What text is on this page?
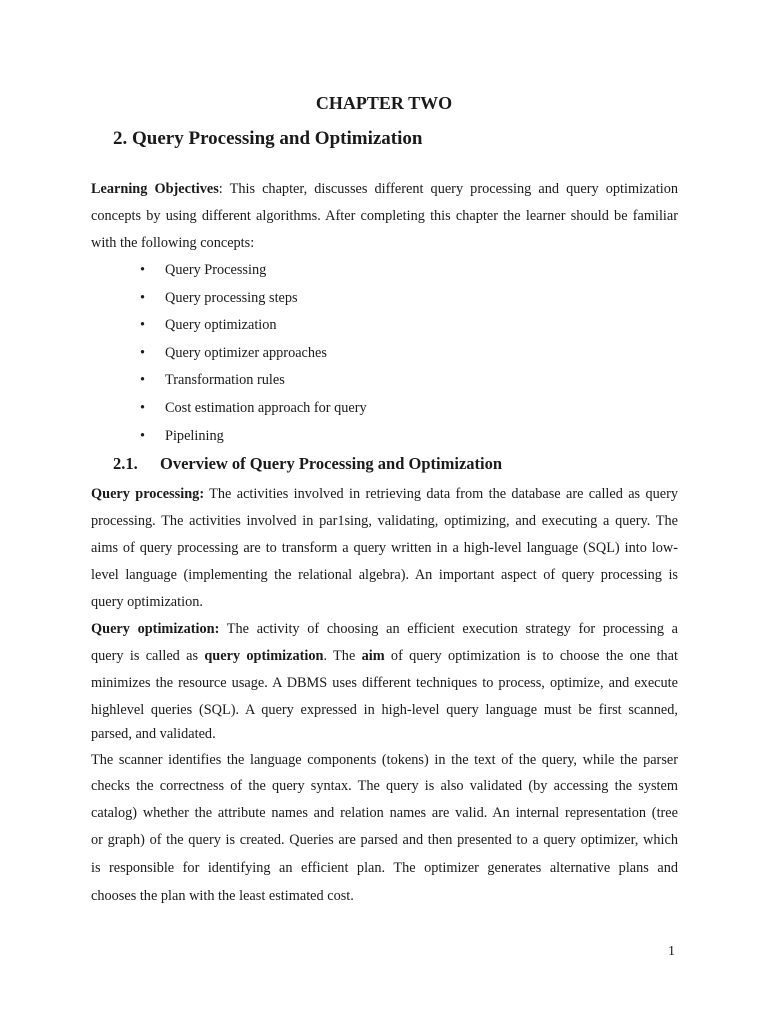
CHAPTER TWO
2. Query Processing and Optimization
2.1. Overview of Query Processing and Optimization
Learning Objectives: This chapter, discusses different query processing and query optimization
concepts by using different algorithms. After completing this chapter the learner should be familiar
with the following concepts:
• Query Processing
• Query processing steps
• Query optimization
• Query optimizer approaches
• Transformation rules
• Cost estimation approach for query
• Pipelining
Query processing: The activities involved in retrieving data from the database are called as query
processing. The activities involved in par1sing, validating, optimizing, and executing a query. The
aims of query processing are to transform a query written in a high-level language (SQL) into low-
level language (implementing the relational algebra). An important aspect of query processing is
query optimization.
Query optimization: The activity of choosing an efficient execution strategy for processing a
query is called as query optimization. The aim of query optimization is to choose the one that
minimizes the resource usage. A DBMS uses different techniques to process, optimize, and execute
highlevel queries (SQL). A query expressed in high-level query language must be first scanned,
parsed, and validated.
The scanner identifies the language components (tokens) in the text of the query, while the parser
checks the correctness of the query syntax. The query is also validated (by accessing the system
catalog) whether the attribute names and relation names are valid. An internal representation (tree
or graph) of the query is created. Queries are parsed and then presented to a query optimizer, which
is responsible for identifying an efficient plan. The optimizer generates alternative plans and
chooses the plan with the least estimated cost.
1
